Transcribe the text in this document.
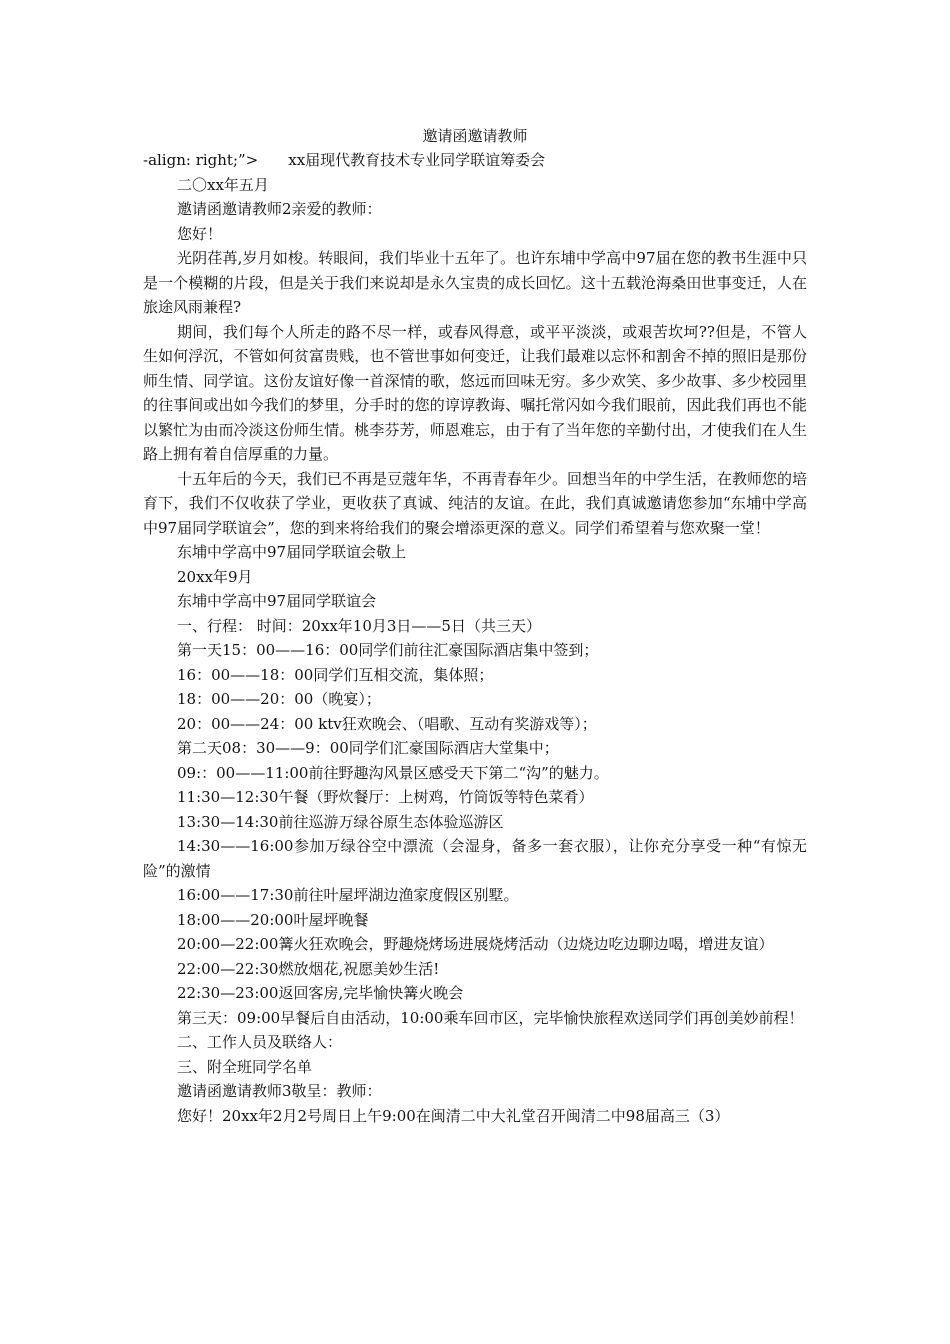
邀请函邀请教师

-align: right;”>　　xx届现代教育技术专业同学联谊筹委会

二〇xx年五月

邀请函邀请教师2亲爱的教师：

您好！

光阴荏苒,岁月如梭。转眼间，我们毕业十五年了。也许东埔中学高中97届在您的教书生涯中只是一个模糊的片段，但是关于我们来说却是永久宝贵的成长回忆。这十五载沧海桑田世事变迁，人在旅途风雨兼程?

期间，我们每个人所走的路不尽一样，或春风得意，或平平淡淡，或艰苦坎坷??但是，不管人生如何浮沉，不管如何贫富贵贱，也不管世事如何变迁，让我们最难以忘怀和割舍不掉的照旧是那份师生情、同学谊。这份友谊好像一首深情的歌，悠远而回味无穷。多少欢笑、多少故事、多少校园里的往事间或出如今我们的梦里，分手时的您的谆谆教诲、嘱托常闪如今我们眼前，因此我们再也不能以繁忙为由而冷淡这份师生情。桃李芬芳，师恩难忘，由于有了当年您的辛勤付出，才使我们在人生路上拥有着自信厚重的力量。

十五年后的今天，我们已不再是豆蔻年华，不再青春年少。回想当年的中学生活，在教师您的培育下，我们不仅收获了学业，更收获了真诚、纯洁的友谊。在此，我们真诚邀请您参加“东埔中学高中97届同学联谊会”，您的到来将给我们的聚会增添更深的意义。同学们希望着与您欢聚一堂！

东埔中学高中97届同学联谊会敬上

20xx年9月

东埔中学高中97届同学联谊会

一、行程： 时间：20xx年10月3日——5日（共三天）

第一天15：00——16：00同学们前往汇豪国际酒店集中签到；

16：00——18：00同学们互相交流，集体照；

18：00——20：00（晚宴）；

20：00——24：00 ktv狂欢晚会、（唱歌、互动有奖游戏等）；

第二天08：30——9：00同学们汇豪国际酒店大堂集中；

09:：00——11:00前往野趣沟风景区感受天下第二“沟”的魅力。

11:30—12:30午餐（野炊餐厅：上树鸡，竹筒饭等特色菜肴）

13:30—14:30前往巡游万绿谷原生态体验巡游区

14:30——16:00参加万绿谷空中漂流（会湿身，备多一套衣服），让你充分享受一种“有惊无险”的激情

16:00——17:30前往叶屋坪湖边渔家度假区别墅。

18:00——20:00叶屋坪晚餐

20:00—22:00篝火狂欢晚会，野趣烧烤场进展烧烤活动（边烧边吃边聊边喝，增进友谊）

22:00—22:30燃放烟花,祝愿美妙生活!

22:30—23:00返回客房,完毕愉快篝火晚会

第三天：09:00早餐后自由活动，10:00乘车回市区，完毕愉快旅程欢送同学们再创美妙前程！

二、工作人员及联络人：

三、附全班同学名单

邀请函邀请教师3敬呈：教师：

您好！20xx年2月2号周日上午9:00在闽清二中大礼堂召开闽清二中98届高三（3）
